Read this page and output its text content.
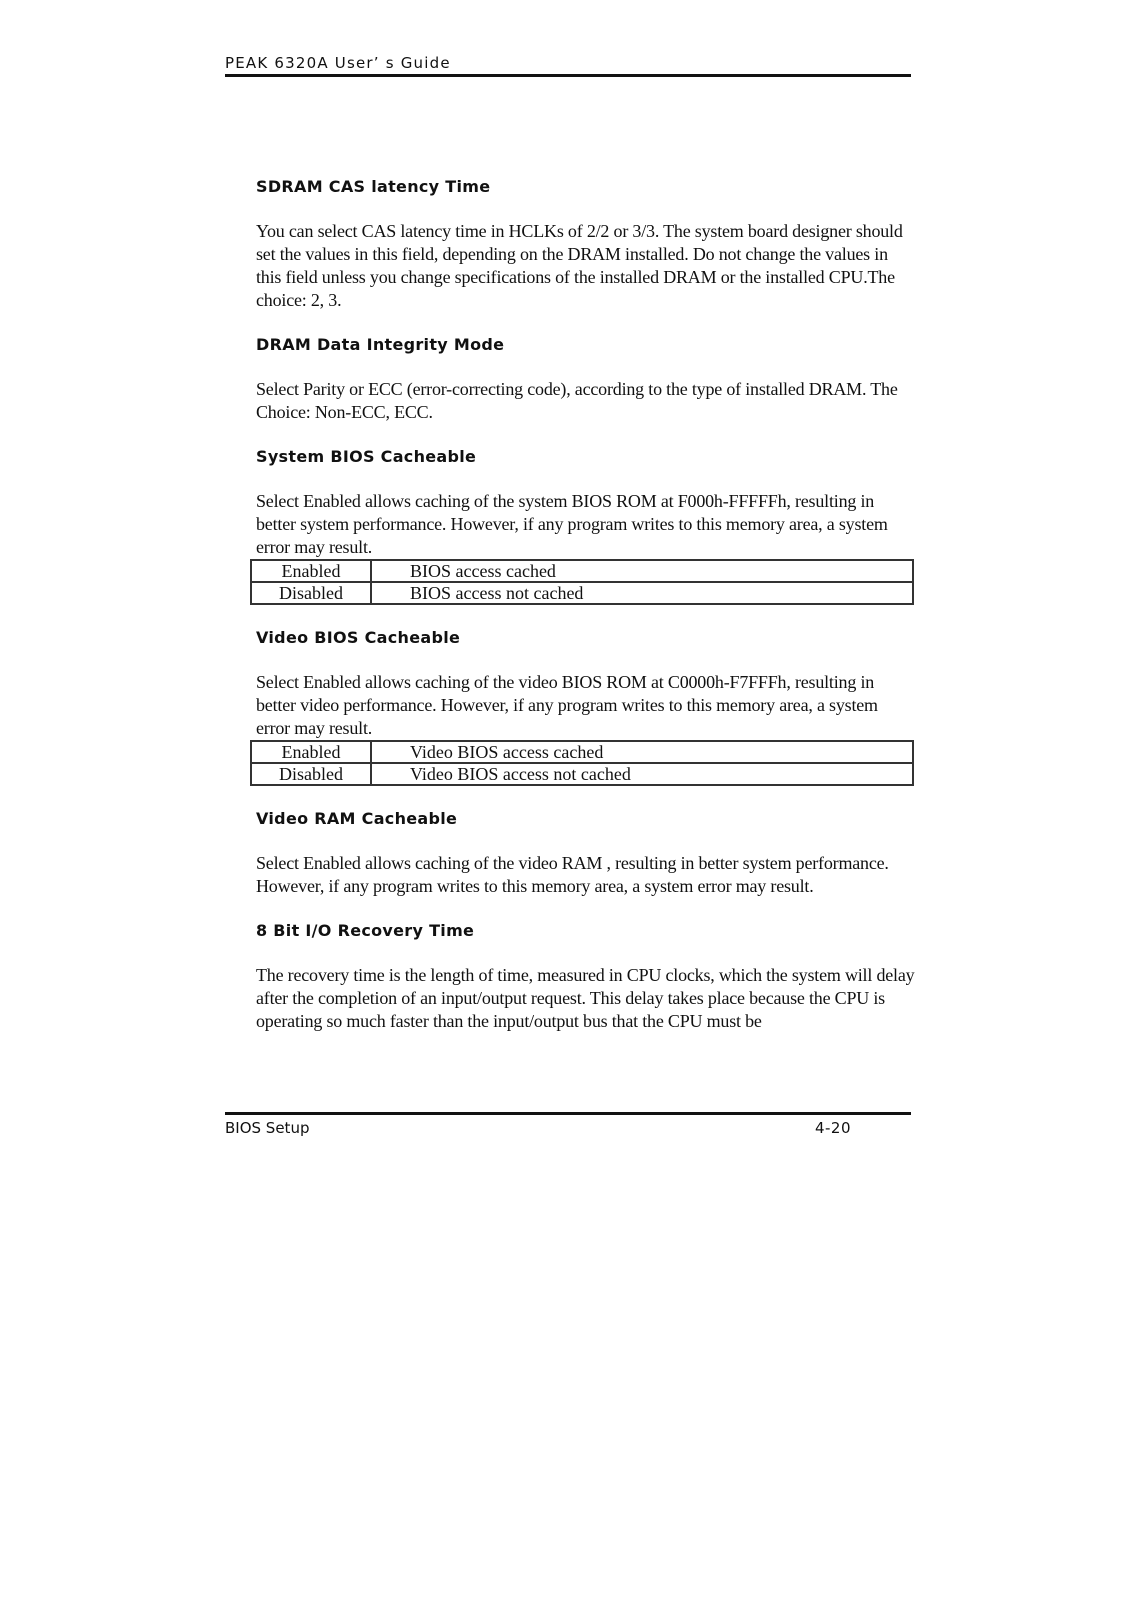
PEAK 6320A User’ s Guide
SDRAM CAS latency Time

You can select CAS latency time in HCLKs of 2/2 or 3/3. The system board designer should set the values in this field, depending on the DRAM installed. Do not change the values in this field unless you change specifications of the installed DRAM or the installed CPU.The choice: 2, 3.

DRAM Data Integrity Mode

Select Parity or ECC (error-correcting code), according to the type of installed DRAM. The Choice: Non-ECC, ECC.

System BIOS Cacheable

Select Enabled allows caching of the system BIOS ROM at F000h-FFFFFh, resulting in better system performance. However, if any program writes to this memory area, a system error may result.

Enabled	BIOS access cached
Disabled	BIOS access not cached
Video BIOS Cacheable

Select Enabled allows caching of the video BIOS ROM at C0000h-F7FFFh, resulting in better video performance. However, if any program writes to this memory area, a system error may result.

Enabled	Video BIOS access cached
Disabled	Video BIOS access not cached
Video RAM Cacheable

Select Enabled allows caching of the video RAM , resulting in better system performance. However, if any program writes to this memory area, a system error may result.

8 Bit I/O Recovery Time

The recovery time is the length of time, measured in CPU clocks, which the system will delay after the completion of an input/output request. This delay takes place because the CPU is operating so much faster than the input/output bus that the CPU must be

BIOS Setup	4-20
